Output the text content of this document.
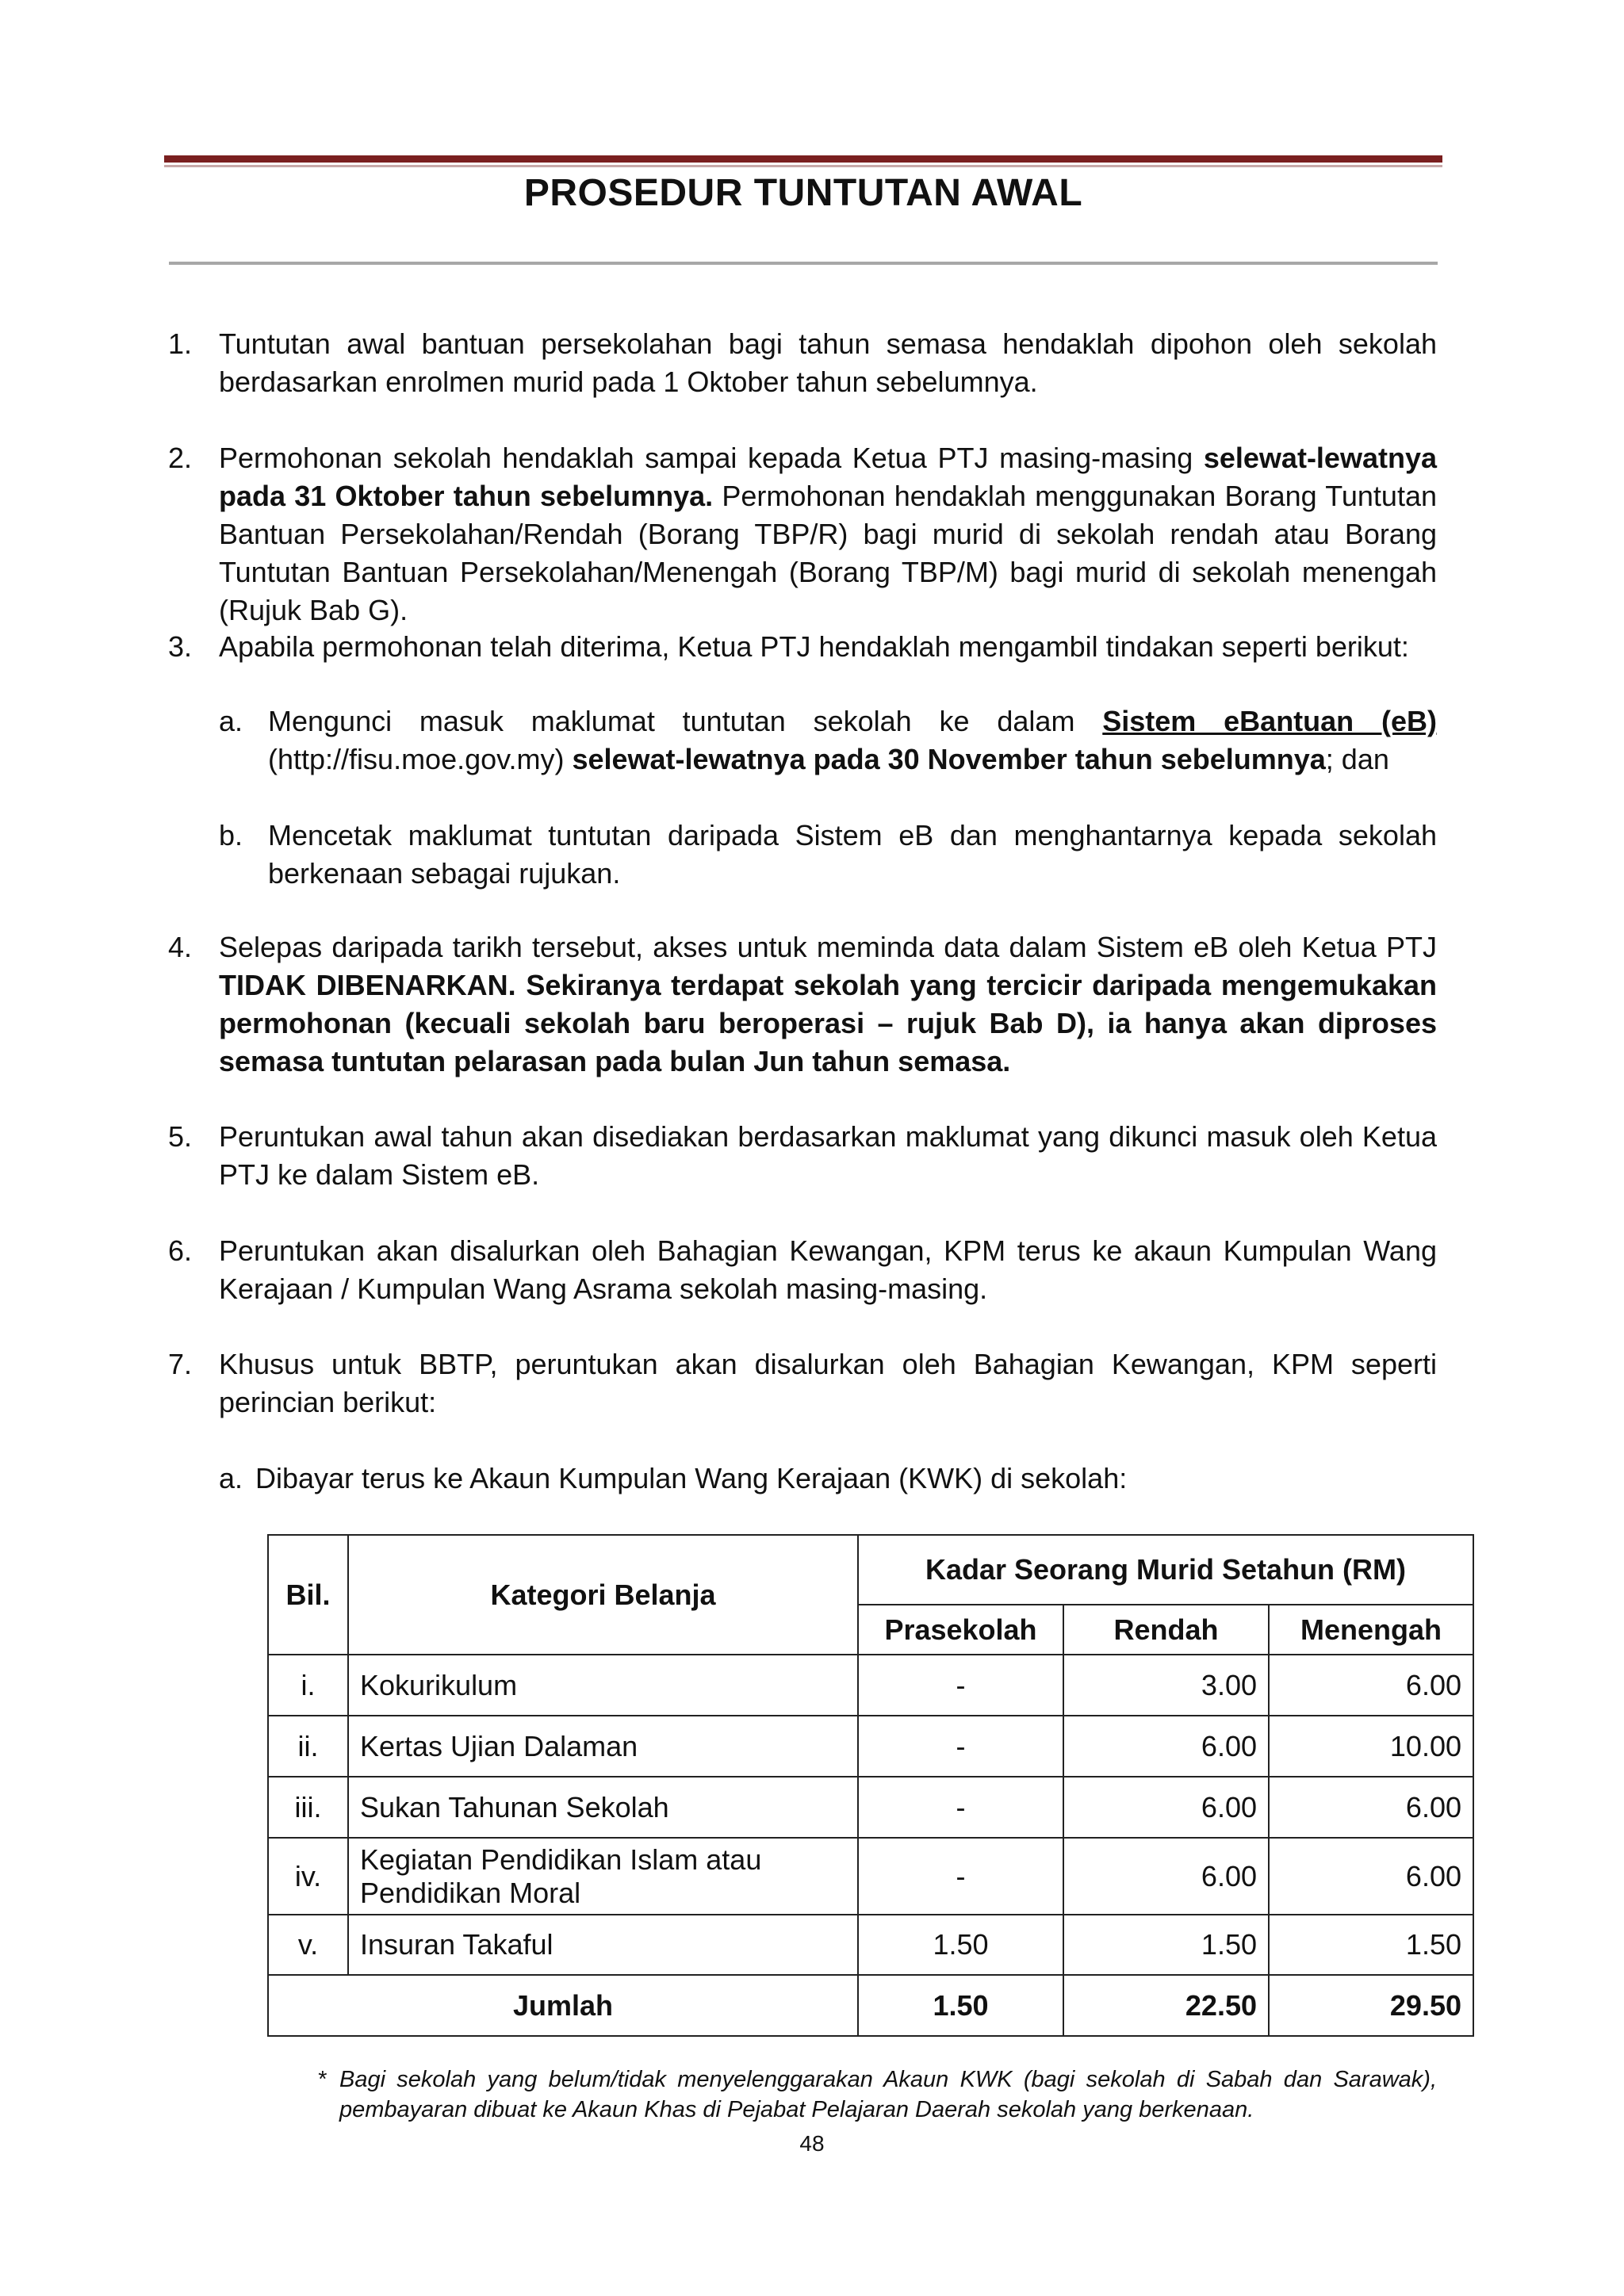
PROSEDUR TUNTUTAN AWAL
1. Tuntutan awal bantuan persekolahan bagi tahun semasa hendaklah dipohon oleh sekolah berdasarkan enrolmen murid pada 1 Oktober tahun sebelumnya.
2. Permohonan sekolah hendaklah sampai kepada Ketua PTJ masing-masing selewat-lewatnya pada 31 Oktober tahun sebelumnya. Permohonan hendaklah menggunakan Borang Tuntutan Bantuan Persekolahan/Rendah (Borang TBP/R) bagi murid di sekolah rendah atau Borang Tuntutan Bantuan Persekolahan/Menengah (Borang TBP/M) bagi murid di sekolah menengah (Rujuk Bab G).
3. Apabila permohonan telah diterima, Ketua PTJ hendaklah mengambil tindakan seperti berikut:
a. Mengunci masuk maklumat tuntutan sekolah ke dalam Sistem eBantuan (eB)
(http://fisu.moe.gov.my) selewat-lewatnya pada 30 November tahun sebelumnya; dan
b. Mencetak maklumat tuntutan daripada Sistem eB dan menghantarnya kepada sekolah berkenaan sebagai rujukan.
4. Selepas daripada tarikh tersebut, akses untuk meminda data dalam Sistem eB oleh Ketua PTJ TIDAK DIBENARKAN. Sekiranya terdapat sekolah yang tercicir daripada mengemukakan permohonan (kecuali sekolah baru beroperasi – rujuk Bab D), ia hanya akan diproses semasa tuntutan pelarasan pada bulan Jun tahun semasa.
5. Peruntukan awal tahun akan disediakan berdasarkan maklumat yang dikunci masuk oleh Ketua PTJ ke dalam Sistem eB.
6. Peruntukan akan disalurkan oleh Bahagian Kewangan, KPM terus ke akaun Kumpulan Wang Kerajaan / Kumpulan Wang Asrama sekolah masing-masing.
7. Khusus untuk BBTP, peruntukan akan disalurkan oleh Bahagian Kewangan, KPM seperti perincian berikut:
a. Dibayar terus ke Akaun Kumpulan Wang Kerajaan (KWK) di sekolah:
Bil.	Kategori Belanja	Kadar Seorang Murid Setahun (RM)		
		Prasekolah	Rendah	Menengah
i.	Kokurikulum	-	3.00	6.00
ii.	Kertas Ujian Dalaman	-	6.00	10.00
iii.	Sukan Tahunan Sekolah	-	6.00	6.00
iv.	Kegiatan Pendidikan Islam atau
Pendidikan Moral	-	6.00	6.00
v.	Insuran Takaful	1.50	1.50	1.50
Jumlah		1.50	22.50	29.50
* Bagi sekolah yang belum/tidak menyelenggarakan Akaun KWK (bagi sekolah di Sabah dan Sarawak), pembayaran dibuat ke Akaun Khas di Pejabat Pelajaran Daerah sekolah yang berkenaan.
48
